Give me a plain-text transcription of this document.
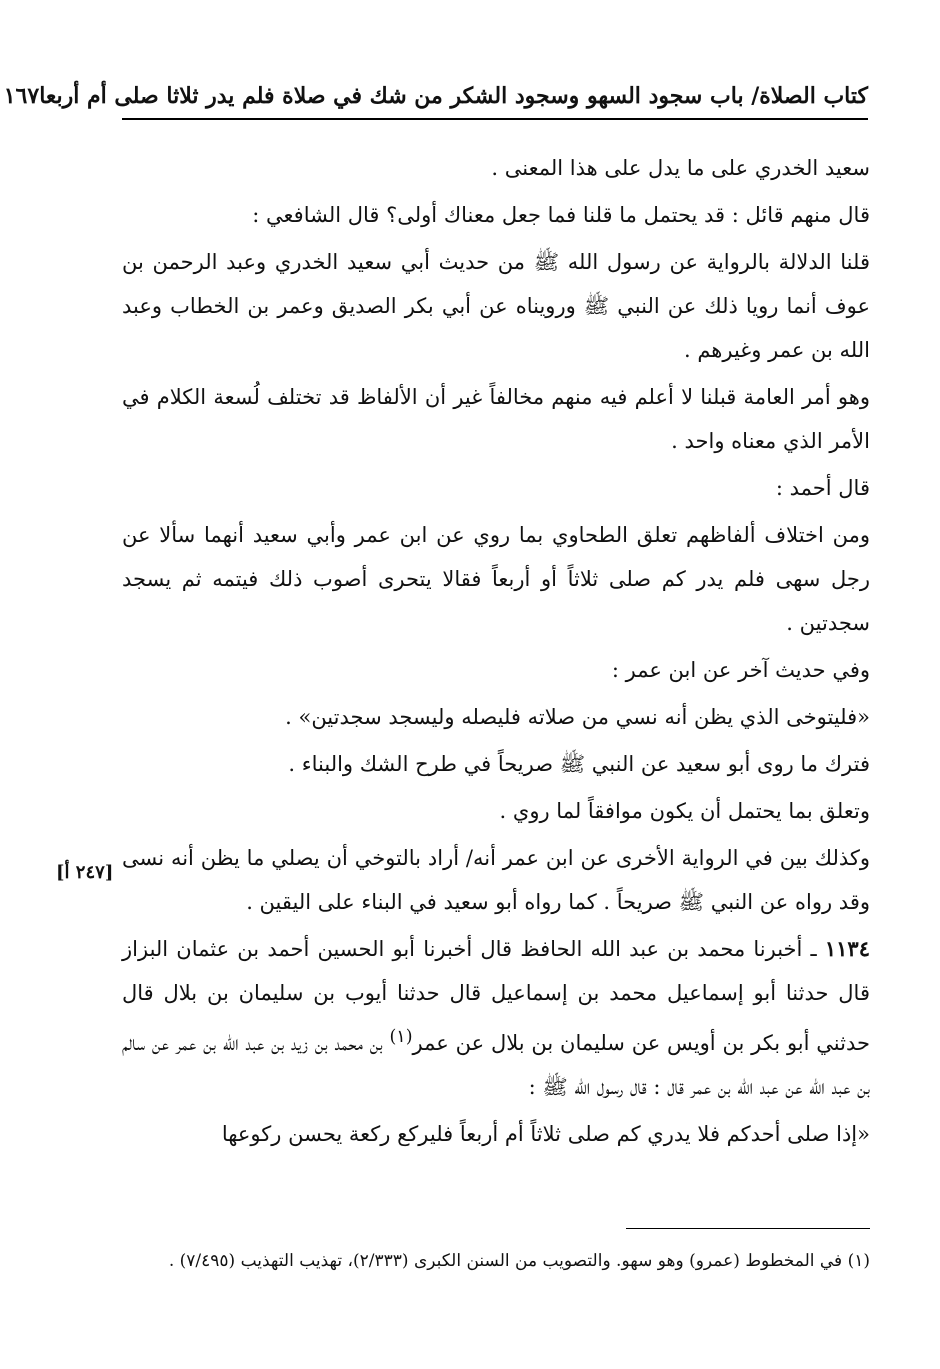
كتاب الصلاة/ باب سجود السهو وسجود الشكر من شك في صلاة فلم يدر ثلاثا صلى أم أربعا
١٦٧

سعيد الخدري على ما يدل على هذا المعنى .

قال منهم قائل : قد يحتمل ما قلنا فما جعل معناك أولى؟ قال الشافعي :

قلنا الدلالة بالرواية عن رسول الله ﷺ من حديث أبي سعيد الخدري وعبد الرحمن بن عوف أنما رويا ذلك عن النبي ﷺ ورويناه عن أبي بكر الصديق وعمر بن الخطاب وعبد الله بن عمر وغيرهم .

وهو أمر العامة قبلنا لا أعلم فيه منهم مخالفاً غير أن الألفاظ قد تختلف لُسعة الكلام في الأمر الذي معناه واحد .

قال أحمد :

ومن اختلاف ألفاظهم تعلق الطحاوي بما روي عن ابن عمر وأبي سعيد أنهما سألا عن رجل سهى فلم يدر كم صلى ثلاثاً أو أربعاً فقالا يتحرى أصوب ذلك فيتمه ثم يسجد سجدتين .

وفي حديث آخر عن ابن عمر :

«فليتوخى الذي يظن أنه نسي من صلاته فليصله وليسجد سجدتين» .

فترك ما روى أبو سعيد عن النبي ﷺ صريحاً في طرح الشك والبناء .

وتعلق بما يحتمل أن يكون موافقاً لما روي .

وكذلك بين في الرواية الأخرى عن ابن عمر أنه/ أراد بالتوخي أن يصلي ما يظن أنه نسى وقد رواه عن النبي ﷺ صريحاً . كما رواه أبو سعيد في البناء على اليقين .

١١٣٤ ـ أخبرنا محمد بن عبد الله الحافظ قال أخبرنا أبو الحسين أحمد بن عثمان البزاز قال حدثنا أبو إسماعيل محمد بن إسماعيل قال حدثنا أيوب بن سليمان بن بلال قال حدثني أبو بكر بن أويس عن سليمان بن بلال عن عمر$^{(١)}$ بن محمد بن زيد بن عبد الله بن عمر عن سالم بن عبد الله عن عبد الله بن عمر قال : قال رسول الله ﷺ :

«إذا صلى أحدكم فلا يدري كم صلى ثلاثاً أم أربعاً فليركع ركعة يحسن ركوعها

[٢٤٧ أ]

(١) في المخطوط (عمرو) وهو سهو. والتصويب من السنن الكبرى (٢/٣٣٣)، تهذيب التهذيب (٧/٤٩٥) .
